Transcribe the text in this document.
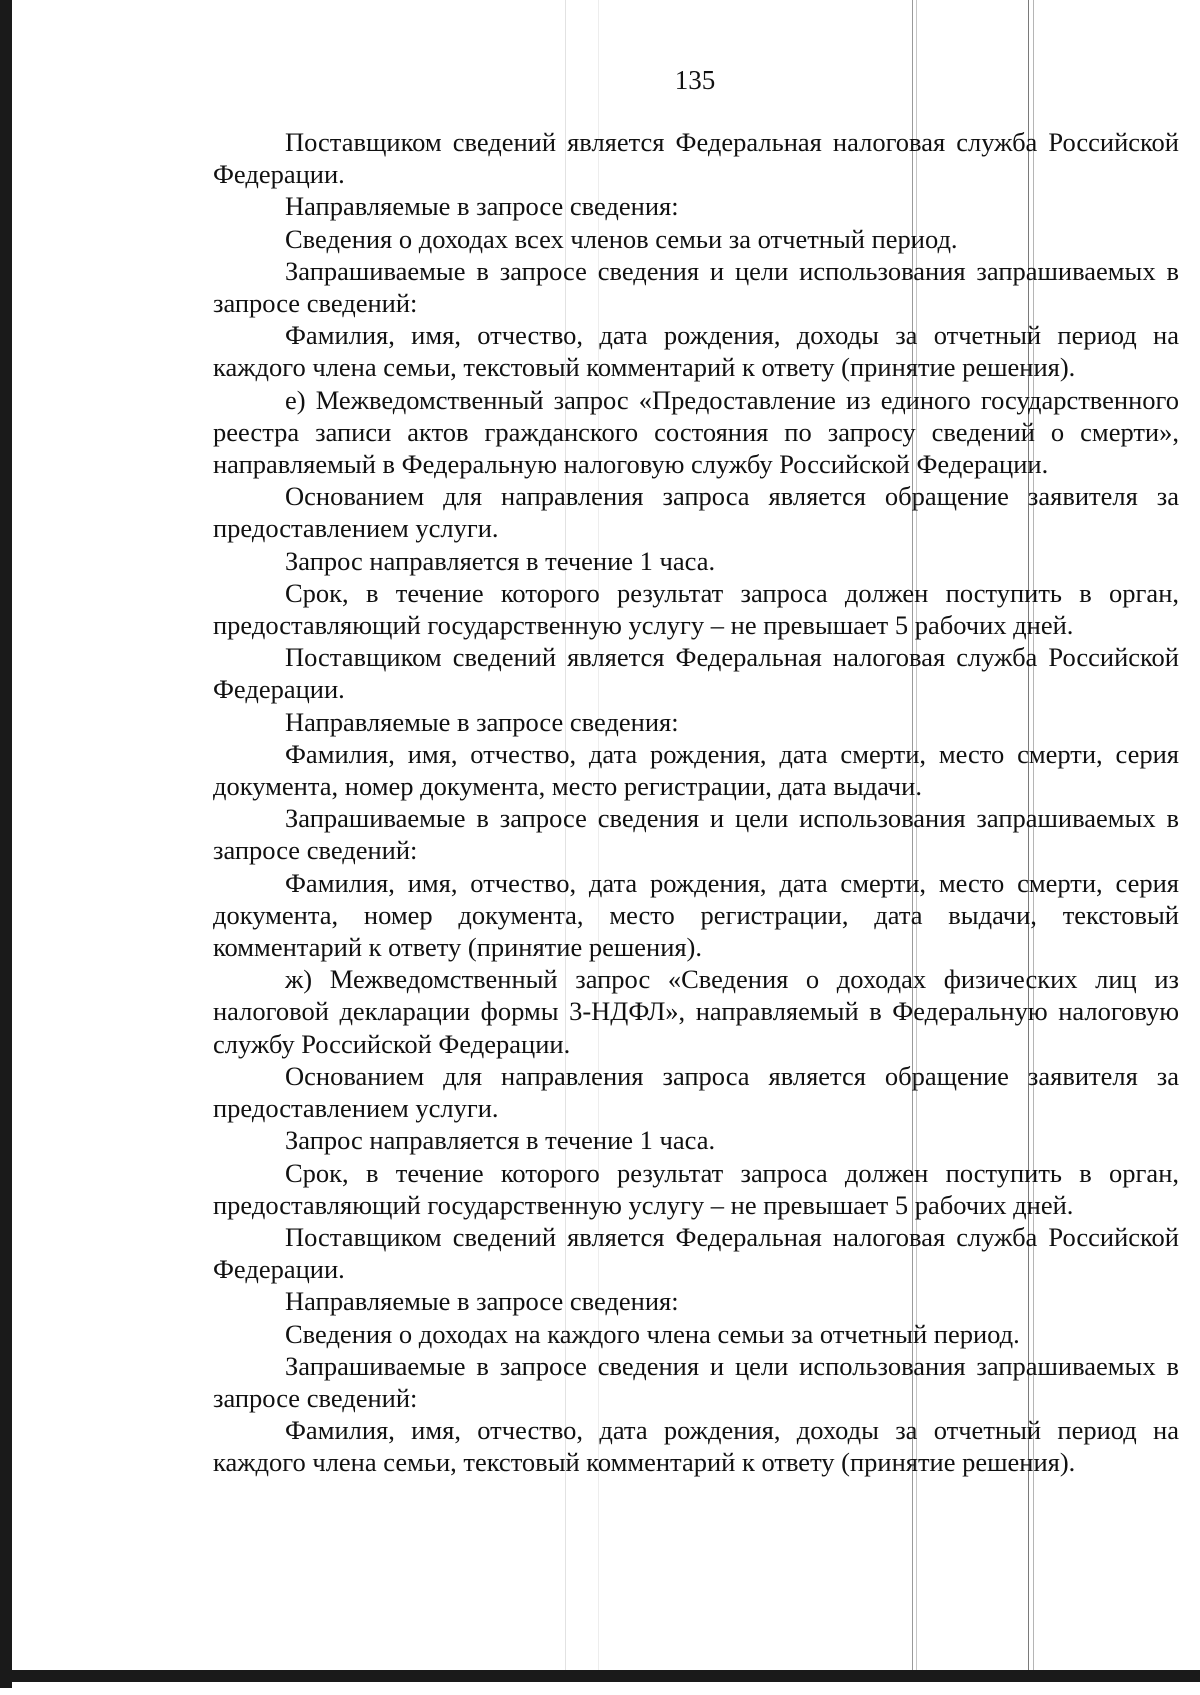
135

Поставщиком сведений является Федеральная налоговая служба Российской Федерации.

Направляемые в запросе сведения:

Сведения о доходах всех членов семьи за отчетный период.

Запрашиваемые в запросе сведения и цели использования запрашиваемых в запросе сведений:

Фамилия, имя, отчество, дата рождения, доходы за отчетный период на каждого члена семьи, текстовый комментарий к ответу (принятие решения).

е) Межведомственный запрос «Предоставление из единого государственного реестра записи актов гражданского состояния по запросу сведений о смерти», направляемый в Федеральную налоговую службу Российской Федерации.

Основанием для направления запроса является обращение заявителя за предоставлением услуги.

Запрос направляется в течение 1 часа.

Срок, в течение которого результат запроса должен поступить в орган, предоставляющий государственную услугу – не превышает 5 рабочих дней.

Поставщиком сведений является Федеральная налоговая служба Российской Федерации.

Направляемые в запросе сведения:

Фамилия, имя, отчество, дата рождения, дата смерти, место смерти, серия документа, номер документа, место регистрации, дата выдачи.

Запрашиваемые в запросе сведения и цели использования запрашиваемых в запросе сведений:

Фамилия, имя, отчество, дата рождения, дата смерти, место смерти, серия документа, номер документа, место регистрации, дата выдачи, текстовый комментарий к ответу (принятие решения).

ж) Межведомственный запрос «Сведения о доходах физических лиц из налоговой декларации формы 3-НДФЛ», направляемый в Федеральную налоговую службу Российской Федерации.

Основанием для направления запроса является обращение заявителя за предоставлением услуги.

Запрос направляется в течение 1 часа.

Срок, в течение которого результат запроса должен поступить в орган, предоставляющий государственную услугу – не превышает 5 рабочих дней.

Поставщиком сведений является Федеральная налоговая служба Российской Федерации.

Направляемые в запросе сведения:

Сведения о доходах на каждого члена семьи за отчетный период.

Запрашиваемые в запросе сведения и цели использования запрашиваемых в запросе сведений:

Фамилия, имя, отчество, дата рождения, доходы за отчетный период на каждого члена семьи, текстовый комментарий к ответу (принятие решения).
